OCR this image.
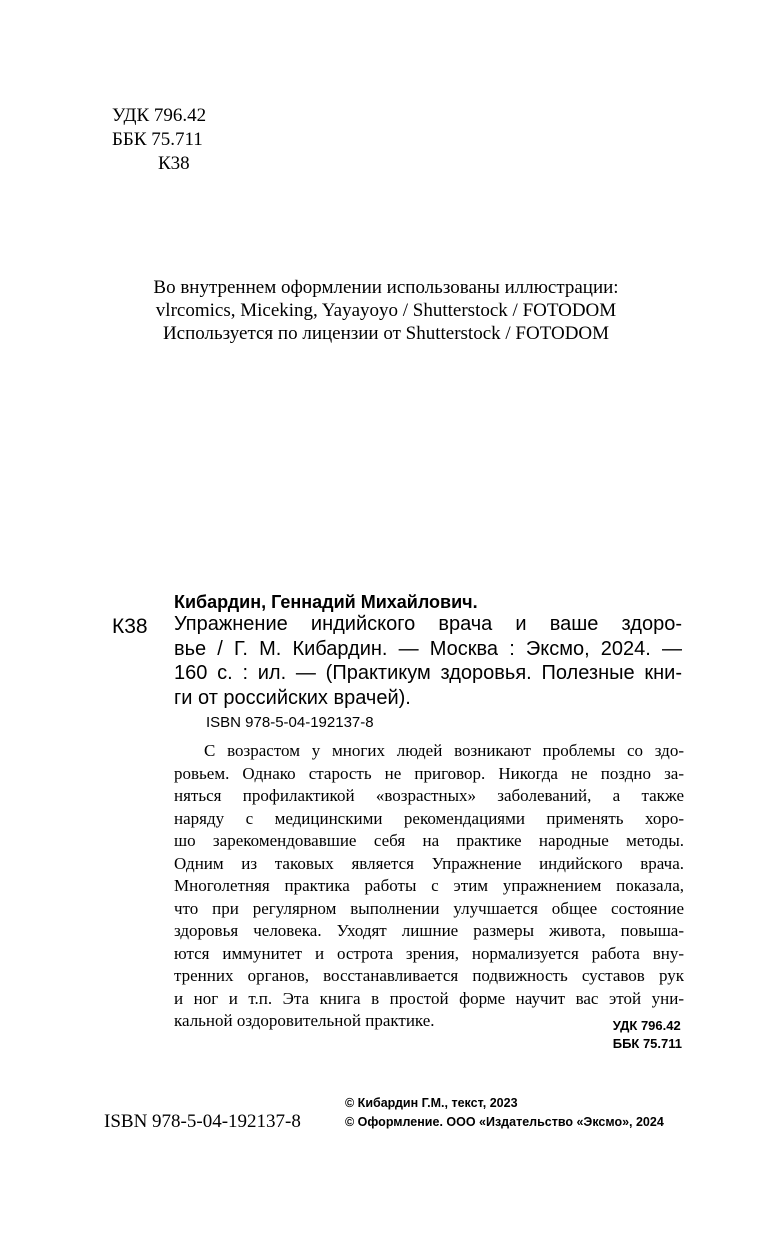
УДК 796.42
ББК 75.711
К38
Во внутреннем оформлении использованы иллюстрации:
vlrcomics, Miceking, Yayayoyo / Shutterstock / FOTODOM
Используется по лицензии от Shutterstock / FOTODOM
Кибардин, Геннадий Михайлович.
К38 Упражнение индийского врача и ваше здоро-
вье / Г. М. Кибардин. — Москва : Эксмо, 2024. —
160 с. : ил. — (Практикум здоровья. Полезные кни-
ги от российских врачей).
ISBN 978-5-04-192137-8
С возрастом у многих людей возникают проблемы со здо-
ровьем. Однако старость не приговор. Никогда не поздно за-
няться профилактикой «возрастных» заболеваний, а также
наряду с медицинскими рекомендациями применять хоро-
шо зарекомендовавшие себя на практике народные методы.
Одним из таковых является Упражнение индийского врача.
Многолетняя практика работы с этим упражнением показала,
что при регулярном выполнении улучшается общее состояние
здоровья человека. Уходят лишние размеры живота, повыша-
ются иммунитет и острота зрения, нормализуется работа вну-
тренних органов, восстанавливается подвижность суставов рук
и ног и т.п. Эта книга в простой форме научит вас этой уни-
кальной оздоровительной практике.	УДК 796.42
ББК 75.711
ISBN 978-5-04-192137-8
© Кибардин Г.М., текст, 2023
© Оформление. ООО «Издательство «Эксмо», 2024
